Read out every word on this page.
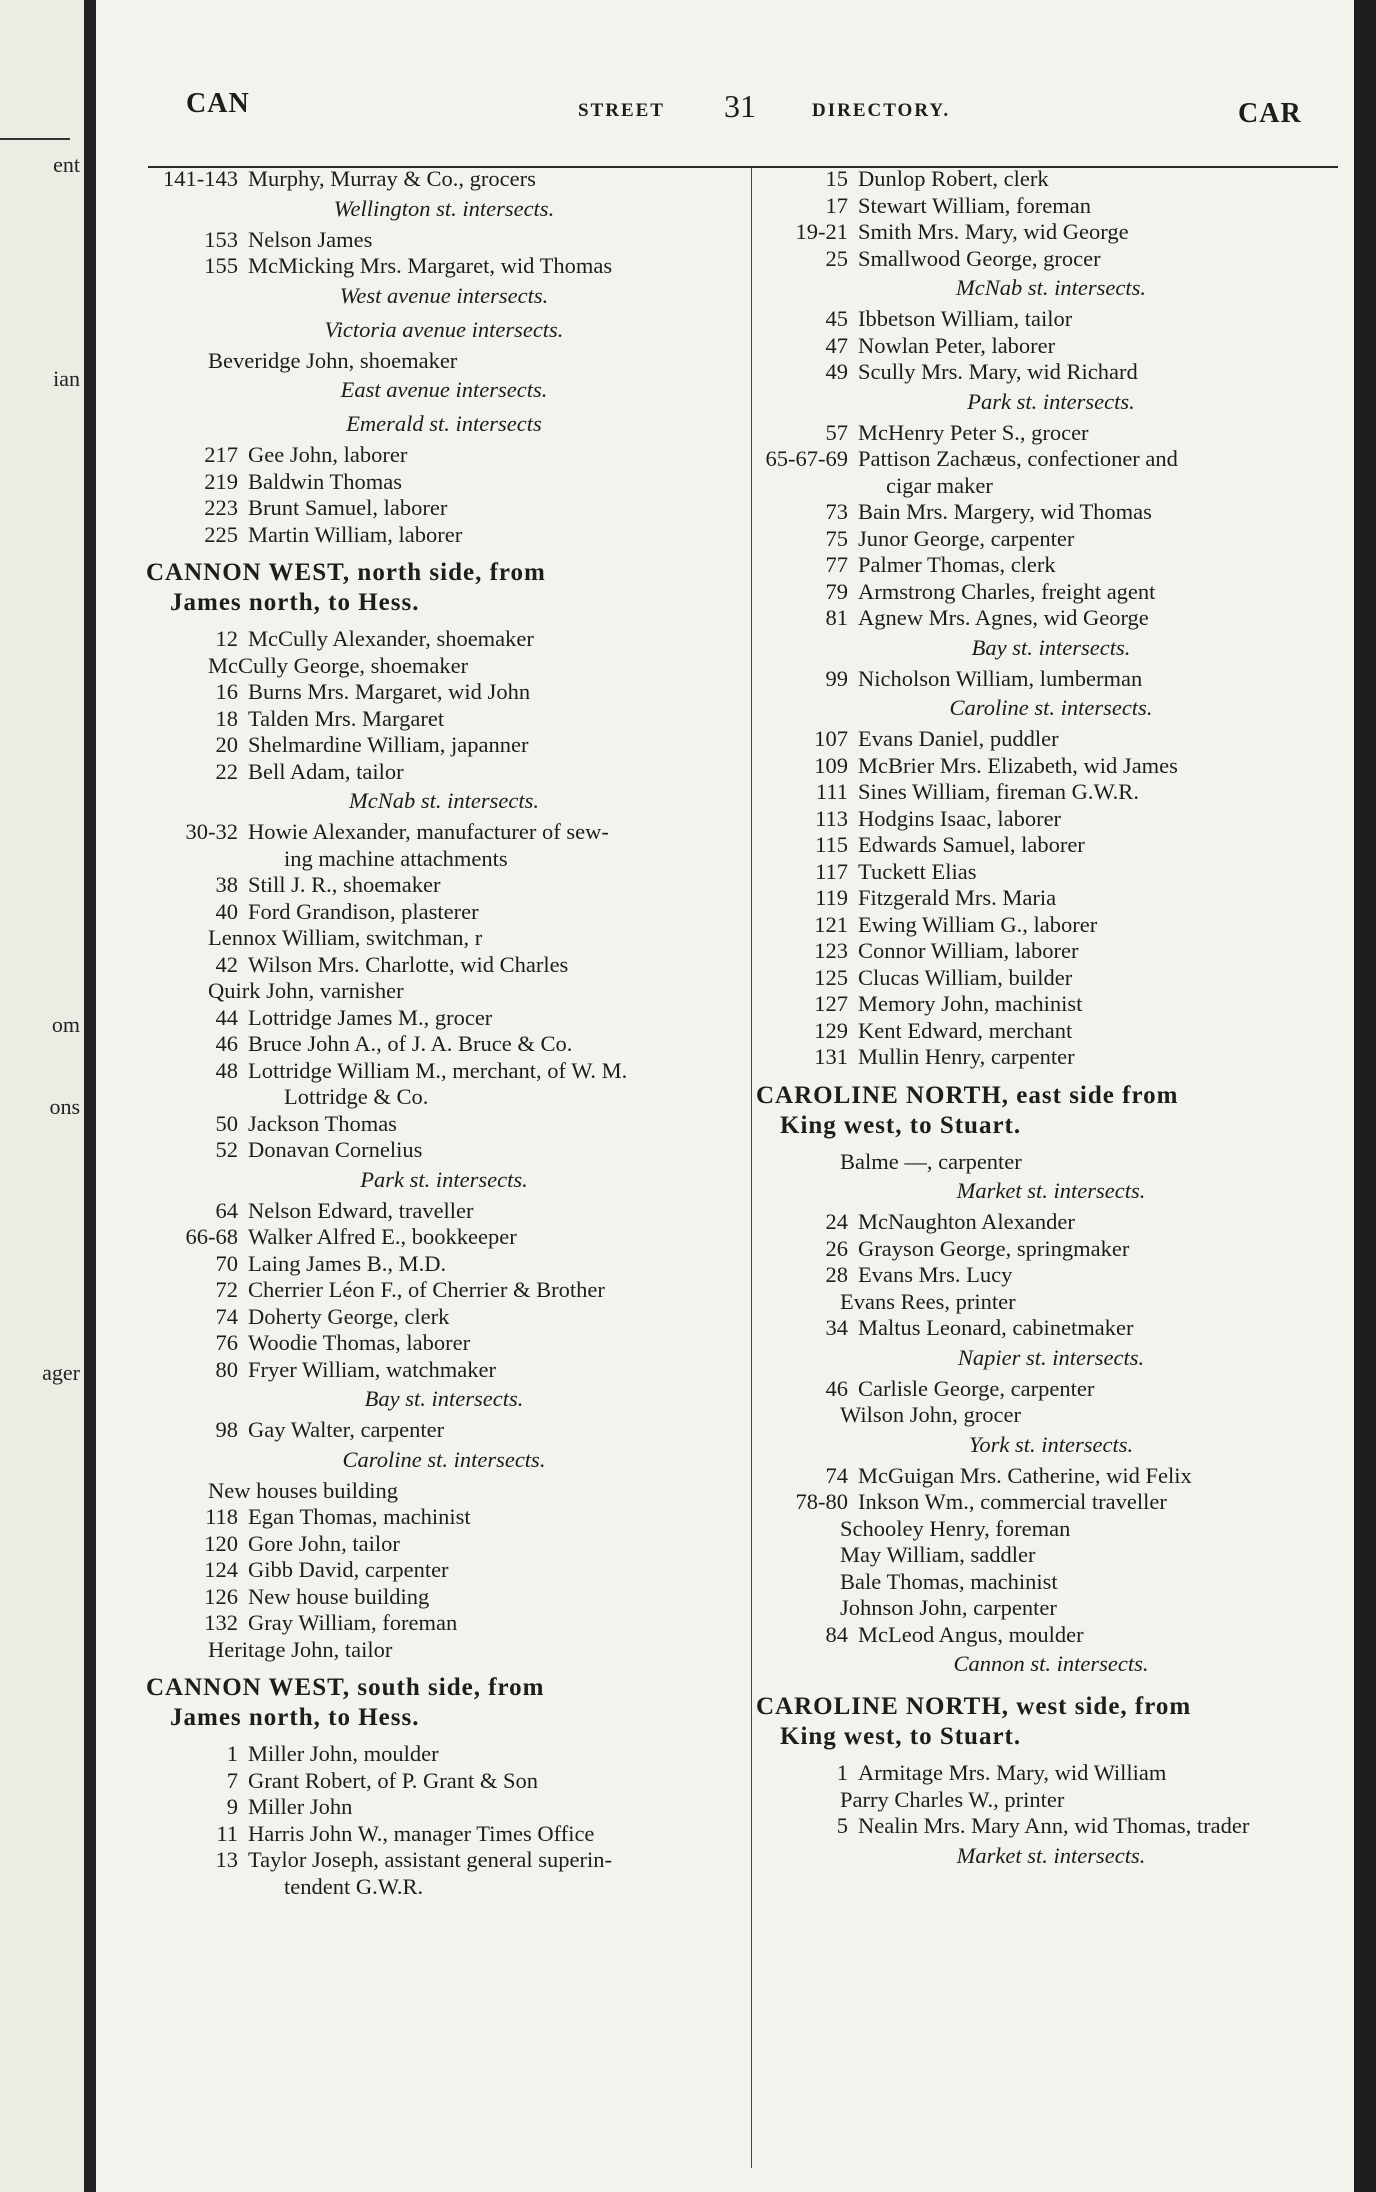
ent
ian
om
ons
ager
CAN	STREET 31	DIRECTORY.	CAR
141-143 Murphy, Murray & Co., grocers
Wellington st. intersects.
153 Nelson James
155 McMicking Mrs. Margaret, wid Thomas
West avenue intersects.
Victoria avenue intersects.
Beveridge John, shoemaker
East avenue intersects.
Emerald st. intersects
217 Gee John, laborer
219 Baldwin Thomas
223 Brunt Samuel, laborer
225 Martin William, laborer
CANNON WEST, north side, from
James north, to Hess.
12 McCully Alexander, shoemaker
McCully George, shoemaker
16 Burns Mrs. Margaret, wid John
18 Talden Mrs. Margaret
20 Shelmardine William, japanner
22 Bell Adam, tailor
McNab st. intersects.
30-32 Howie Alexander, manufacturer of sew-
ing machine attachments
38 Still J. R., shoemaker
40 Ford Grandison, plasterer
Lennox William, switchman, r
42 Wilson Mrs. Charlotte, wid Charles
Quirk John, varnisher
44 Lottridge James M., grocer
46 Bruce John A., of J. A. Bruce & Co.
48 Lottridge William M., merchant, of W. M.
Lottridge & Co.
50 Jackson Thomas
52 Donavan Cornelius
Park st. intersects.
64 Nelson Edward, traveller
66-68 Walker Alfred E., bookkeeper
70 Laing James B., M.D.
72 Cherrier Léon F., of Cherrier & Brother
74 Doherty George, clerk
76 Woodie Thomas, laborer
80 Fryer William, watchmaker
Bay st. intersects.
98 Gay Walter, carpenter
Caroline st. intersects.
New houses building
118 Egan Thomas, machinist
120 Gore John, tailor
124 Gibb David, carpenter
126 New house building
132 Gray William, foreman
Heritage John, tailor
CANNON WEST, south side, from
James north, to Hess.
1 Miller John, moulder
7 Grant Robert, of P. Grant & Son
9 Miller John
11 Harris John W., manager Times Office
13 Taylor Joseph, assistant general superin-
tendent G.W.R.
15 Dunlop Robert, clerk
17 Stewart William, foreman
19-21 Smith Mrs. Mary, wid George
25 Smallwood George, grocer
McNab st. intersects.
45 Ibbetson William, tailor
47 Nowlan Peter, laborer
49 Scully Mrs. Mary, wid Richard
Park st. intersects.
57 McHenry Peter S., grocer
65-67-69 Pattison Zachæus, confectioner and
cigar maker
73 Bain Mrs. Margery, wid Thomas
75 Junor George, carpenter
77 Palmer Thomas, clerk
79 Armstrong Charles, freight agent
81 Agnew Mrs. Agnes, wid George
Bay st. intersects.
99 Nicholson William, lumberman
Caroline st. intersects.
107 Evans Daniel, puddler
109 McBrier Mrs. Elizabeth, wid James
111 Sines William, fireman G.W.R.
113 Hodgins Isaac, laborer
115 Edwards Samuel, laborer
117 Tuckett Elias
119 Fitzgerald Mrs. Maria
121 Ewing William G., laborer
123 Connor William, laborer
125 Clucas William, builder
127 Memory John, machinist
129 Kent Edward, merchant
131 Mullin Henry, carpenter
CAROLINE NORTH, east side from
King west, to Stuart.
Balme —, carpenter
Market st. intersects.
24 McNaughton Alexander
26 Grayson George, springmaker
28 Evans Mrs. Lucy
Evans Rees, printer
34 Maltus Leonard, cabinetmaker
Napier st. intersects.
46 Carlisle George, carpenter
Wilson John, grocer
York st. intersects.
74 McGuigan Mrs. Catherine, wid Felix
78-80 Inkson Wm., commercial traveller
Schooley Henry, foreman
May William, saddler
Bale Thomas, machinist
Johnson John, carpenter
84 McLeod Angus, moulder
Cannon st. intersects.
CAROLINE NORTH, west side, from
King west, to Stuart.
1 Armitage Mrs. Mary, wid William
Parry Charles W., printer
5 Nealin Mrs. Mary Ann, wid Thomas, trader
Market st. intersects.
